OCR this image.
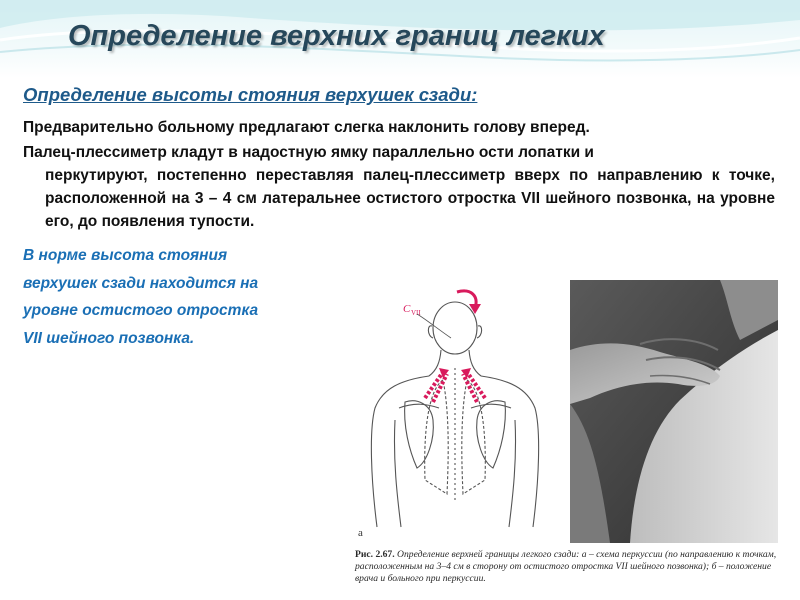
Определение верхних границ легких
Определение высоты стояния верхушек сзади:
Предварительно больному предлагают слегка наклонить голову вперед.
Палец-плессиметр кладут в надостную ямку параллельно ости лопатки и
перкутируют, постепенно переставляя палец-плессиметр вверх по направлению к точке, расположенной на 3 – 4 см латеральнее остистого отростка VII шейного позвонка, на уровне его, до появления тупости.
В норме высота стояния
верхушек сзади находится на
уровне остистого отростка
VII шейного позвонка.
C VII
а
Рис. 2.67. Определение верхней границы легкого сзади: а – схема перкуссии (по направлению к точкам, расположенным на 3–4 см в сторону от остистого отростка VII шейного позвонка); б – положение врача и больного при перкуссии.
